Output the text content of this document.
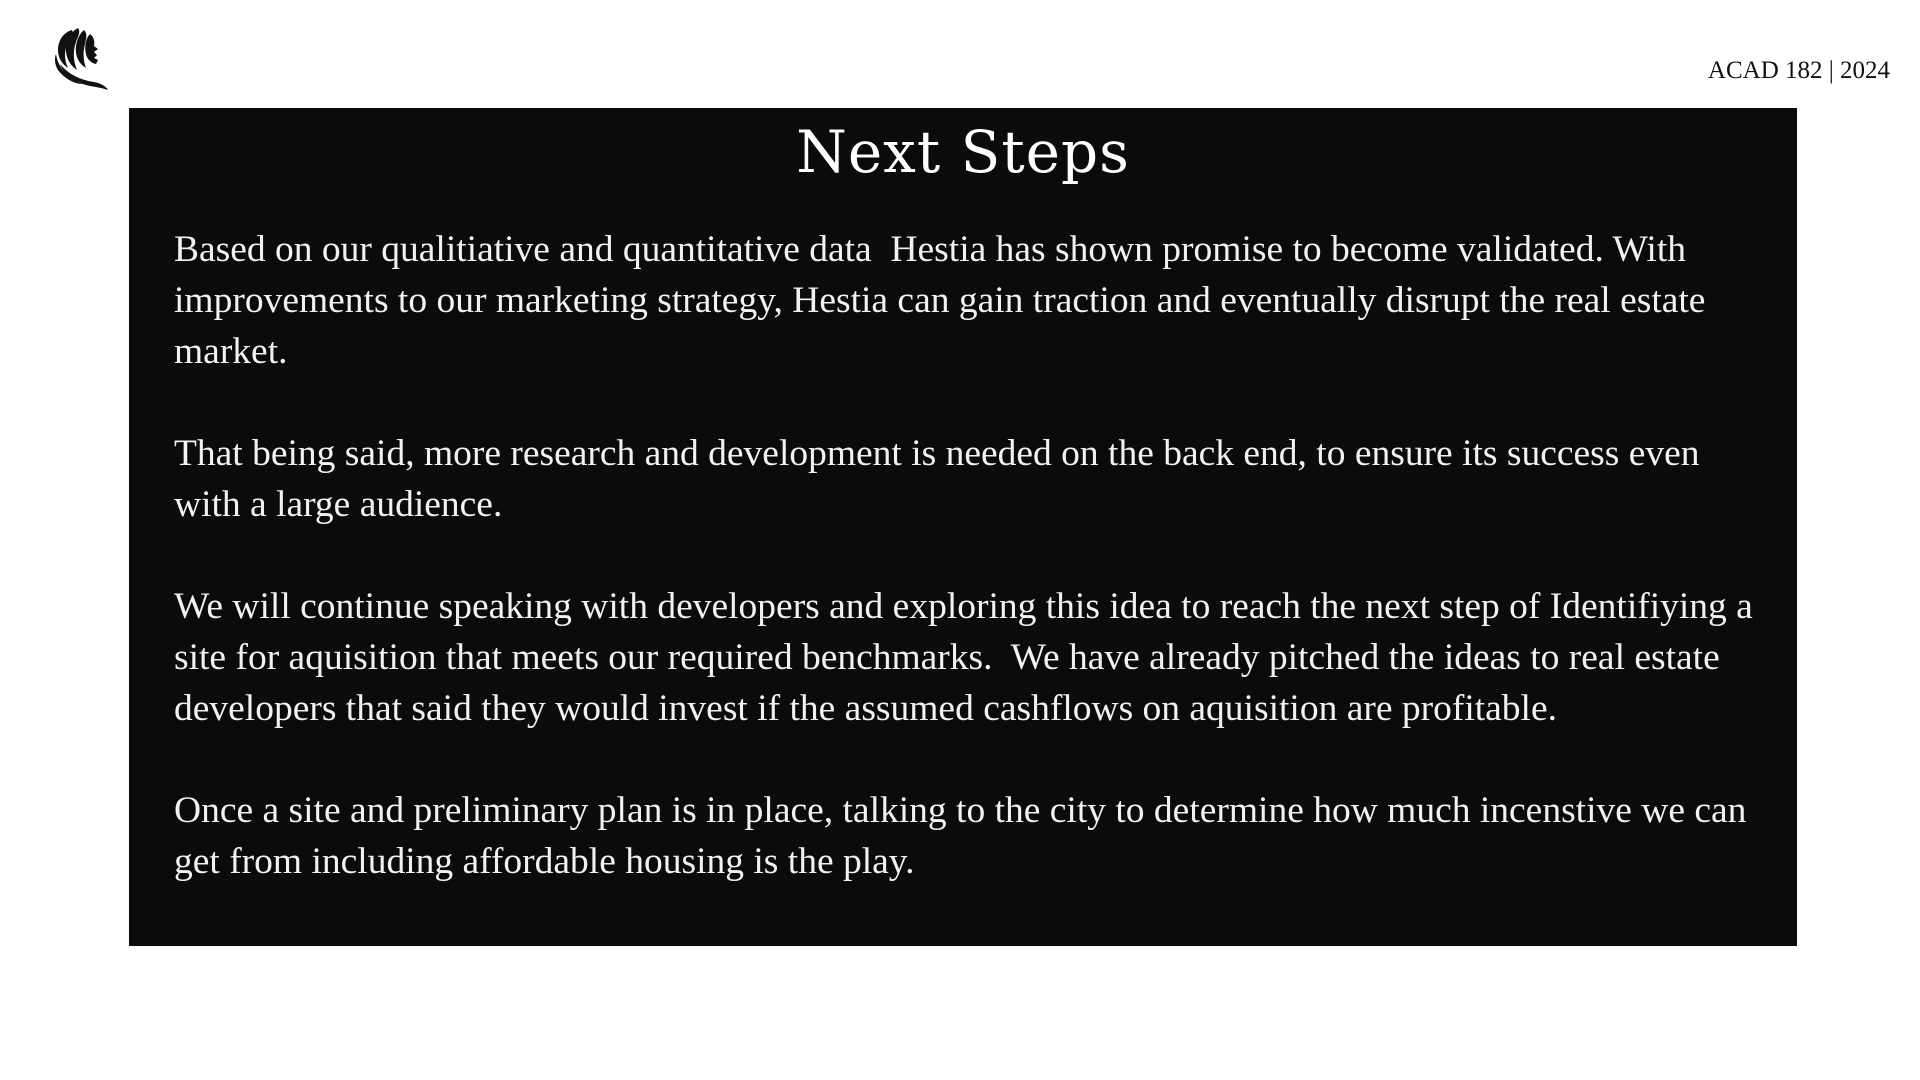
ACAD 182 | 2024
Next Steps

Based on our qualitiative and quantitative data  Hestia has shown promise to become validated. With improvements to our marketing strategy, Hestia can gain traction and eventually disrupt the real estate market.

That being said, more research and development is needed on the back end, to ensure its success even with a large audience.

We will continue speaking with developers and exploring this idea to reach the next step of Identifiying a site for aquisition that meets our required benchmarks.  We have already pitched the ideas to real estate developers that said they would invest if the assumed cashflows on aquisition are profitable.

Once a site and preliminary plan is in place, talking to the city to determine how much incenstive we can get from including affordable housing is the play.
